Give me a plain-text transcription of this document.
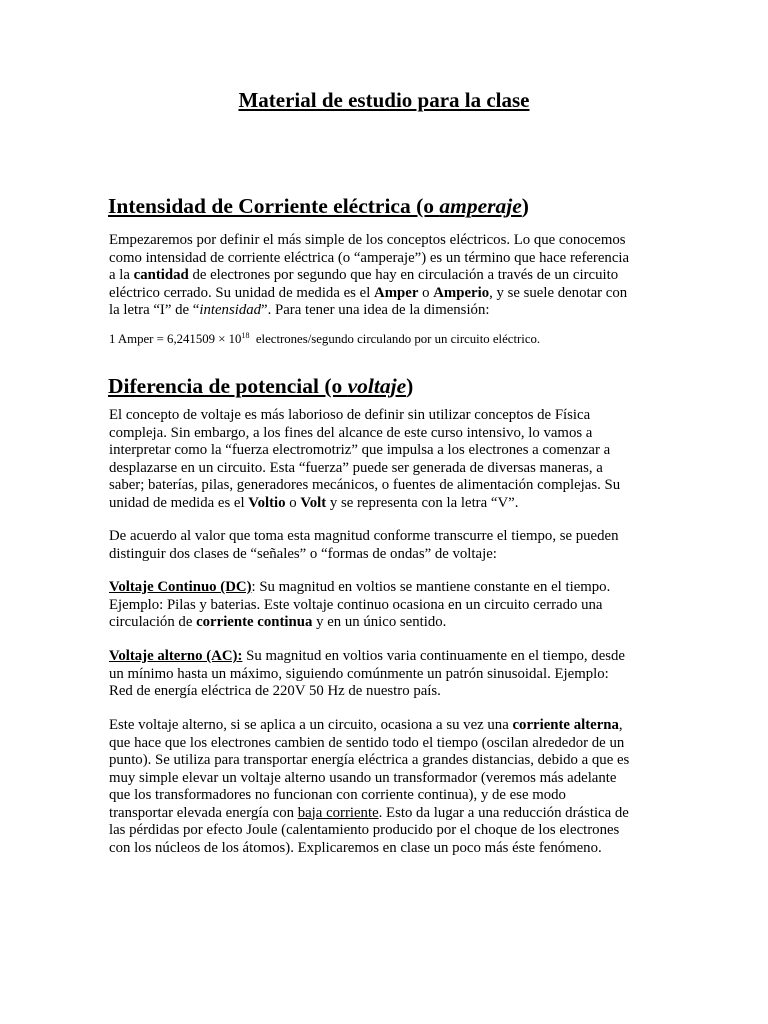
Material de estudio para la clase
Intensidad de Corriente eléctrica (o amperaje)

Empezaremos por definir el más simple de los conceptos eléctricos. Lo que conocemos
como intensidad de corriente eléctrica (o “amperaje”) es un término que hace referencia
a la cantidad de electrones por segundo que hay en circulación a través de un circuito
eléctrico cerrado. Su unidad de medida es el Amper o Amperio, y se suele denotar con
la letra “I” de “intensidad”. Para tener una idea de la dimensión:

1 Amper = $6,241509 \times 10^{18}$  electrones/segundo circulando por un circuito eléctrico.

Diferencia de potencial (o voltaje)

El concepto de voltaje es más laborioso de definir sin utilizar conceptos de Física
compleja. Sin embargo, a los fines del alcance de este curso intensivo, lo vamos a
interpretar como la “fuerza electromotriz” que impulsa a los electrones a comenzar a
desplazarse en un circuito. Esta “fuerza” puede ser generada de diversas maneras, a
saber; baterías, pilas, generadores mecánicos, o fuentes de alimentación complejas. Su
unidad de medida es el Voltio o Volt y se representa con la letra “V”.

De acuerdo al valor que toma esta magnitud conforme transcurre el tiempo, se pueden
distinguir dos clases de “señales” o “formas de ondas” de voltaje:

Voltaje Continuo (DC): Su magnitud en voltios se mantiene constante en el tiempo.
Ejemplo: Pilas y baterias. Este voltaje continuo ocasiona en un circuito cerrado una
circulación de corriente continua y en un único sentido.

Voltaje alterno (AC): Su magnitud en voltios varia continuamente en el tiempo, desde
un mínimo hasta un máximo, siguiendo comúnmente un patrón sinusoidal. Ejemplo:
Red de energía eléctrica de 220V 50 Hz de nuestro país.

Este voltaje alterno, si se aplica a un circuito, ocasiona a su vez una corriente alterna,
que hace que los electrones cambien de sentido todo el tiempo (oscilan alrededor de un
punto). Se utiliza para transportar energía eléctrica a grandes distancias, debido a que es
muy simple elevar un voltaje alterno usando un transformador (veremos más adelante
que los transformadores no funcionan con corriente continua), y de ese modo
transportar elevada energía con baja corriente. Esto da lugar a una reducción drástica de
las pérdidas por efecto Joule (calentamiento producido por el choque de los electrones
con los núcleos de los átomos). Explicaremos en clase un poco más éste fenómeno.
